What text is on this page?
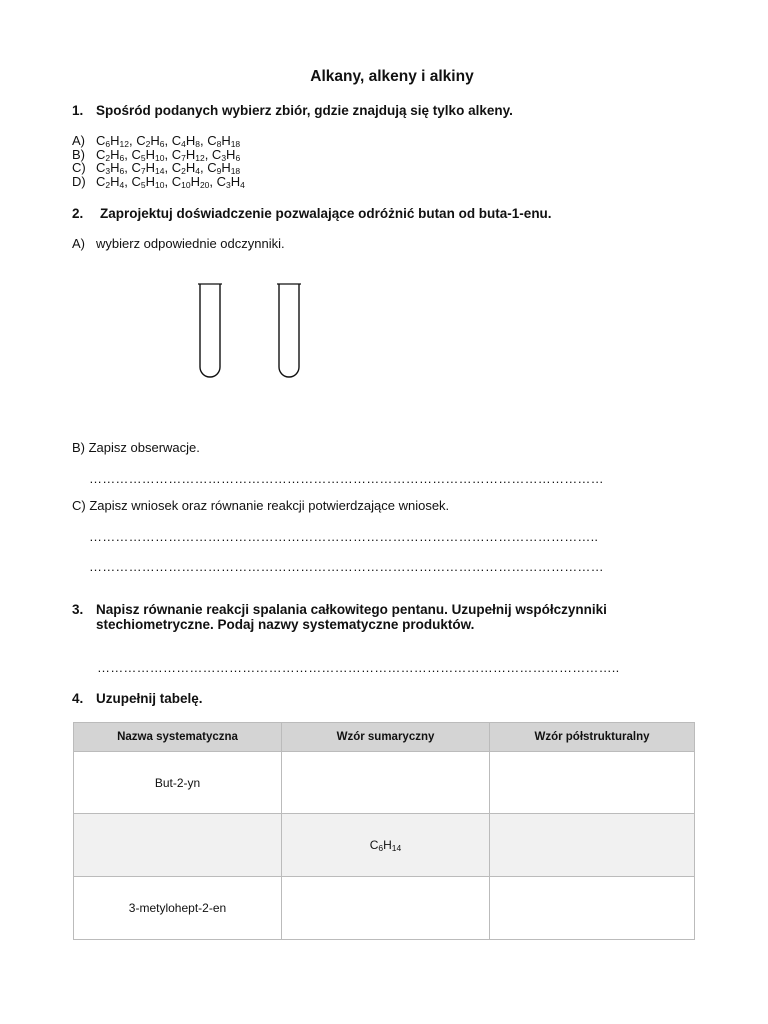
Alkany, alkeny i alkiny
1. Spośród podanych wybierz zbiór, gdzie znajdują się tylko alkeny.
A) $C_6H_{12}$, $C_2H_6$, $C_4H_8$, $C_8H_{18}$
B) $C_2H_6$, $C_5H_{10}$, $C_7H_{12}$, $C_3H_6$
C) $C_3H_6$, $C_7H_{14}$, $C_2H_4$, $C_9H_{18}$
D) $C_2H_4$, $C_5H_{10}$, $C_{10}H_{20}$, $C_3H_4$
2. Zaprojektuj doświadczenie pozwalające odróżnić butan od buta-1-enu.
A) wybierz odpowiednie odczynniki.
B) Zapisz obserwacje.
………………………………………………………………………………………………………
C) Zapisz wniosek oraz równanie reakcji potwierdzające wniosek.
……………………………………………………………………………………………………..
………………………………………………………………………………………………………
3. Napisz równanie reakcji spalania całkowitego pentanu. Uzupełnij współczynniki
stechiometryczne. Podaj nazwy systematyczne produktów.
………………………………………………………………………………………………………..
4. Uzupełnij tabelę.
Nazwa systematyczna	Wzór sumaryczny	Wzór półstrukturalny
But-2-yn		
	$C_6H_{14}$	
3-metylohept-2-en		
